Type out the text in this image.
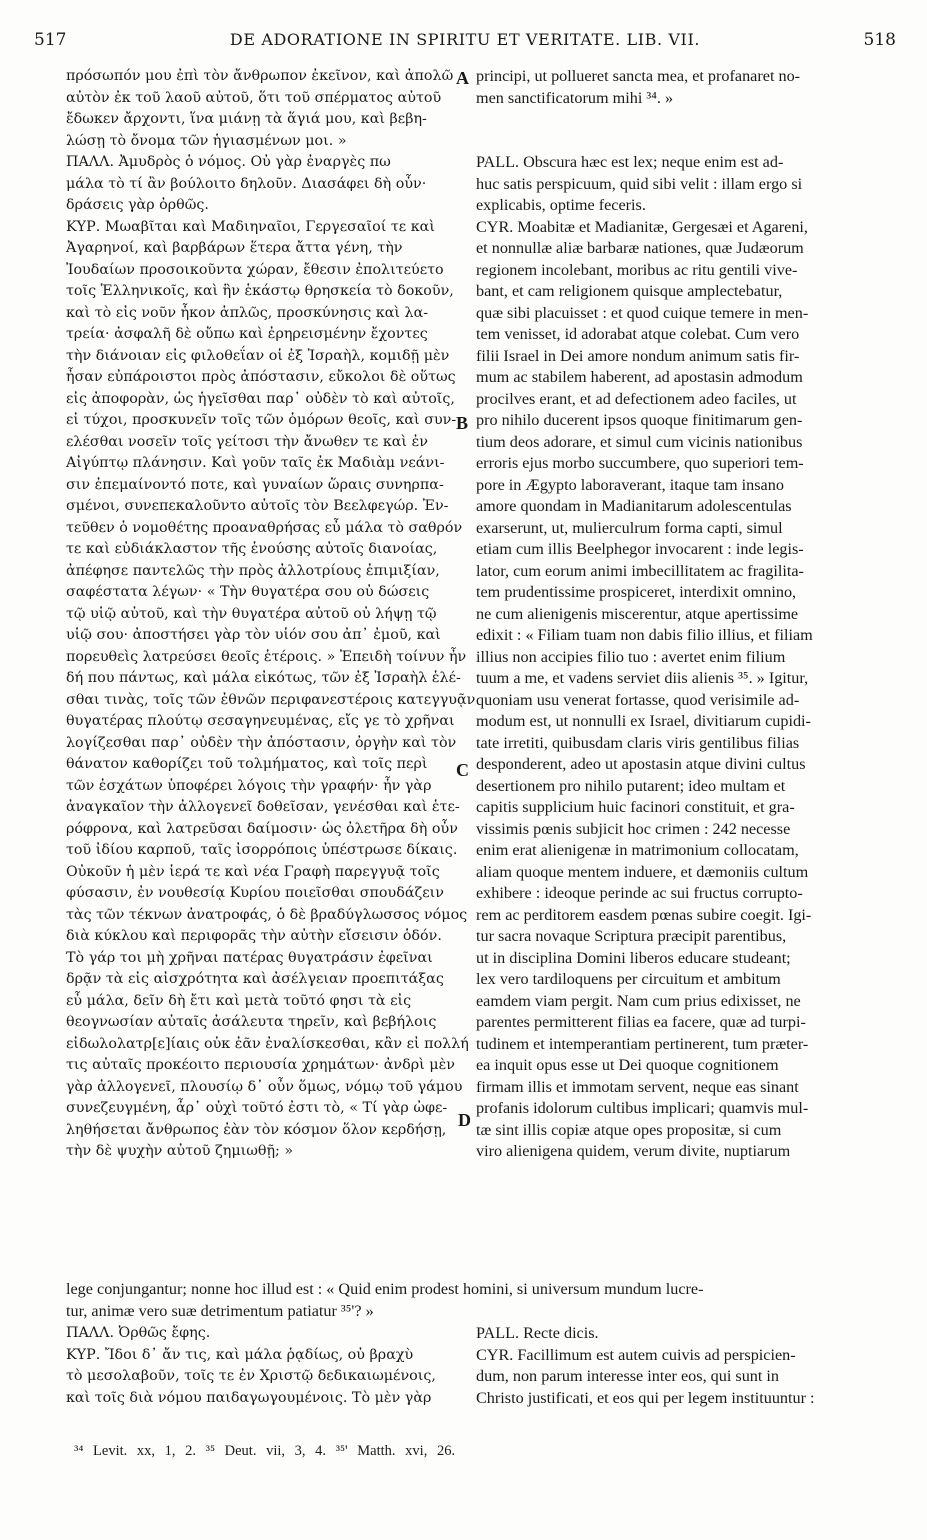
517	DE ADORATIONE IN SPIRITU ET VERITATE. LIB. VII.	518
πρόσωπόν μου ἐπὶ τὸν ἄνθρωπον ἐκεῖνον, καὶ ἀπολῶ
αὐτὸν ἐκ τοῦ λαοῦ αὐτοῦ, ὅτι τοῦ σπέρματος αὐτοῦ
ἔδωκεν ἄρχοντι, ἵνα μιάνῃ τὰ ἅγιά μου, καὶ βεβη-
λώσῃ τὸ ὄνομα τῶν ἡγιασμένων μοι. »
ΠΑΛΛ. Ἀμυδρὸς ὁ νόμος. Οὐ γὰρ ἐναργὲς πω
μάλα τὸ τί ἂν βούλοιτο δηλοῦν. Διασάφει δὴ οὖν·
δράσεις γὰρ ὀρθῶς.
ΚΥΡ. Μωαβῖται καὶ Μαδιηναῖοι, Γεργεσαῖοί τε καὶ
Ἀγαρηνοί, καὶ βαρβάρων ἕτερα ἄττα γένη, τὴν
Ἰουδαίων προσοικοῦντα χώραν, ἔθεσιν ἐπολιτεύετο
τοῖς Ἑλληνικοῖς, καὶ ἣν ἑκάστῳ θρησκεία τὸ δοκοῦν,
καὶ τὸ εἰς νοῦν ἧκον ἁπλῶς, προσκύνησις καὶ λα-
τρεία· ἀσφαλῆ δὲ οὔπω καὶ ἐρηρεισμένην ἔχοντες
τὴν διάνοιαν εἰς φιλοθεΐαν οἱ ἐξ Ἰσραὴλ, κομιδῇ μὲν
ἦσαν εὐπάροιστοι πρὸς ἀπόστασιν, εὔκολοι δὲ οὕτως
εἰς ἀποφορὰν, ὡς ἡγεῖσθαι παρ᾽ οὐδὲν τὸ καὶ αὐτοῖς,
εἰ τύχοι, προσκυνεῖν τοῖς τῶν ὁμόρων θεοῖς, καὶ συν-
ελέσθαι νοσεῖν τοῖς γείτοσι τὴν ἄνωθεν τε καὶ ἐν
Αἰγύπτῳ πλάνησιν. Καὶ γοῦν ταῖς ἐκ Μαδιὰμ νεάνι-
σιν ἐπεμαίνοντό ποτε, καὶ γυναίων ὥραις συνηρπα-
σμένοι, συνεπεκαλοῦντο αὐτοῖς τὸν Βεελφεγώρ. Ἐν-
τεῦθεν ὁ νομοθέτης προαναθρήσας εὖ μάλα τὸ σαθρόν
τε καὶ εὐδιάκλαστον τῆς ἑνούσης αὐτοῖς διανοίας,
ἀπέφησε παντελῶς τὴν πρὸς ἀλλοτρίους ἐπιμιξίαν,
σαφέστατα λέγων· « Τὴν θυγατέρα σου οὐ δώσεις
τῷ υἱῷ αὐτοῦ, καὶ τὴν θυγατέρα αὐτοῦ οὐ λήψῃ τῷ
υἱῷ σου· ἀποστήσει γὰρ τὸν υἱόν σου ἀπ᾽ ἐμοῦ, καὶ
πορευθεὶς λατρεύσει θεοῖς ἑτέροις. » Ἐπειδὴ τοίνυν ἦν
δή που πάντως, καὶ μάλα εἰκότως, τῶν ἐξ Ἰσραὴλ ἑλέ-
σθαι τινὰς, τοῖς τῶν ἐθνῶν περιφανεστέροις κατεγγυᾷν
θυγατέρας πλούτῳ σεσαγηνευμένας, εἴς γε τὸ χρῆναι
λογίζεσθαι παρ᾽ οὐδὲν τὴν ἀπόστασιν, ὀργὴν καὶ τὸν
θάνατον καθορίζει τοῦ τολμήματος, καὶ τοῖς περὶ
τῶν ἐσχάτων ὑποφέρει λόγοις τὴν γραφήν· ἦν γὰρ
ἀναγκαῖον τὴν ἀλλογενεῖ δοθεῖσαν, γενέσθαι καὶ ἑτε-
ρόφρονα, καὶ λατρεῦσαι δαίμοσιν· ὡς ὀλετῆρα δὴ οὖν
τοῦ ἰδίου καρποῦ, ταῖς ἰσορρόποις ὑπέστρωσε δίκαις.
Οὐκοῦν ἡ μὲν ἱερά τε καὶ νέα Γραφὴ παρεγγυᾷ τοῖς
φύσασιν, ἐν νουθεσίᾳ Κυρίου ποιεῖσθαι σπουδάζειν
τὰς τῶν τέκνων ἀνατροφάς, ὁ δὲ βραδύγλωσσος νόμος
διὰ κύκλου καὶ περιφορᾶς τὴν αὐτὴν εἴσεισιν ὁδόν.
Τὸ γάρ τοι μὴ χρῆναι πατέρας θυγατράσιν ἐφεῖναι
δρᾷν τὰ εἰς αἰσχρότητα καὶ ἀσέλγειαν προεπιτάξας
εὖ μάλα, δεῖν δὴ ἔτι καὶ μετὰ τοῦτό φησι τὰ εἰς
θεογνωσίαν αὐταῖς ἀσάλευτα τηρεῖν, καὶ βεβήλοις
εἰδωλολατρ[ε]ίαις οὐκ ἐᾶν ἐναλίσκεσθαι, κἂν εἰ πολλή
τις αὐταῖς προκέοιτο περιουσία χρημάτων· ἀνδρὶ μὲν
γὰρ ἀλλογενεῖ, πλουσίῳ δ᾽ οὖν ὅμως, νόμῳ τοῦ γάμου
συνεζευγμένη, ἆρ᾽ οὐχὶ τοῦτό ἐστι τὸ, « Τί γὰρ ὠφε-
ληθήσεται ἄνθρωπος ἐὰν τὸν κόσμον ὅλον κερδήσῃ,
τὴν δὲ ψυχὴν αὐτοῦ ζημιωθῇ; »
principi, ut pollueret sancta mea, et profanaret no-
men sanctificatorum mihi ³⁴. »
PALL. Obscura hæc est lex; neque enim est ad-
huc satis perspicuum, quid sibi velit : illam ergo si
explicabis, optime feceris.
CYR. Moabitæ et Madianitæ, Gergesæi et Agareni,
et nonnullæ aliæ barbaræ nationes, quæ Judæorum
regionem incolebant, moribus ac ritu gentili vive-
bant, et cam religionem quisque amplectebatur,
quæ sibi placuisset : et quod cuique temere in men-
tem venisset, id adorabat atque colebat. Cum vero
filii Israel in Dei amore nondum animum satis fir-
mum ac stabilem haberent, ad apostasin admodum
procilves erant, et ad defectionem adeo faciles, ut
pro nihilo ducerent ipsos quoque finitimarum gen-
tium deos adorare, et simul cum vicinis nationibus
erroris ejus morbo succumbere, quo superiori tem-
pore in Ægypto laboraverant, itaque tam insano
amore quondam in Madianitarum adolescentulas
exarserunt, ut, mulierculrum forma capti, simul
etiam cum illis Beelphegor invocarent : inde legis-
lator, cum eorum animi imbecillitatem ac fragilita-
tem prudentissime prospiceret, interdixit omnino,
ne cum alienigenis miscerentur, atque apertissime
edixit : « Filiam tuam non dabis filio illius, et filiam
illius non accipies filio tuo : avertet enim filium
tuum a me, et vadens serviet diis alienis ³⁵. » Igitur,
quoniam usu venerat fortasse, quod verisimile ad-
modum est, ut nonnulli ex Israel, divitiarum cupidi-
tate irretiti, quibusdam claris viris gentilibus filias
desponderent, adeo ut apostasin atque divini cultus
desertionem pro nihilo putarent; ideo multam et
capitis supplicium huic facinori constituit, et gra-
vissimis pœnis subjicit hoc crimen : 242 necesse
enim erat alienigenæ in matrimonium collocatam,
aliam quoque mentem induere, et dæmoniis cultum
exhibere : ideoque perinde ac sui fructus corrupto-
rem ac perditorem easdem pœnas subire coegit. Igi-
tur sacra novaque Scriptura præcipit parentibus,
ut in disciplina Domini liberos educare studeant;
lex vero tardiloquens per circuitum et ambitum
eamdem viam pergit. Nam cum prius edixisset, ne
parentes permitterent filias ea facere, quæ ad turpi-
tudinem et intemperantiam pertinerent, tum præter-
ea inquit opus esse ut Dei quoque cognitionem
firmam illis et immotam servent, neque eas sinant
profanis idolorum cultibus implicari; quamvis mul-
tæ sint illis copiæ atque opes propositæ, si cum
viro alienigena quidem, verum divite, nuptiarum
A
B
C
D
lege conjungantur; nonne hoc illud est : « Quid enim prodest homini, si universum mundum lucre-
tur, animæ vero suæ detrimentum patiatur ³⁵'? »
ΠΑΛΛ. Ὀρθῶς ἔφης.
ΚΥΡ. Ἴδοι δ᾽ ἄν τις, καὶ μάλα ῥᾳδίως, οὐ βραχὺ
τὸ μεσολαβοῦν, τοῖς τε ἐν Χριστῷ δεδικαιωμένοις,
καὶ τοῖς διὰ νόμου παιδαγωγουμένοις. Τὸ μὲν γὰρ
PALL. Recte dicis.
CYR. Facillimum est autem cuivis ad perspicien-
dum, non parum interesse inter eos, qui sunt in
Christo justificati, et eos qui per legem instituuntur :
³⁴ Levit. xx, 1, 2. ³⁵ Deut. vii, 3, 4. ³⁵' Matth. xvi, 26.
